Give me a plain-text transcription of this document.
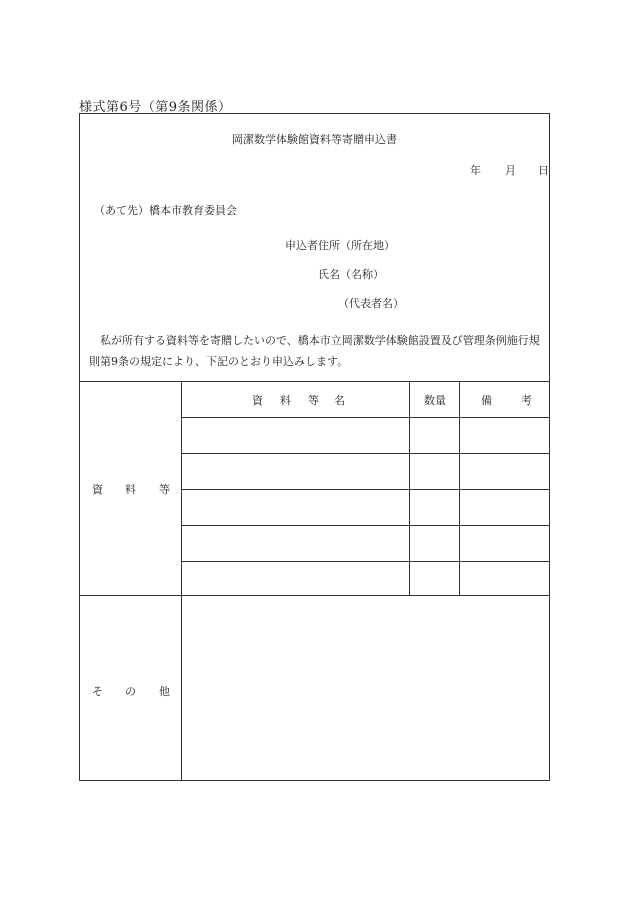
様式第6号（第9条関係）
岡潔数学体験館資料等寄贈申込書
年 月 日
（あて先）橋本市教育委員会
申込者住所（所在地）
氏名（名称）
（代表者名）
私が所有する資料等を寄贈したいので、橋本市立岡潔数学体験館設置及び管理条例施行規
則第9条の規定により、下記のとおり申込みします。
資 料 等
資 料 等 名	数量	備	考
そ の 他
